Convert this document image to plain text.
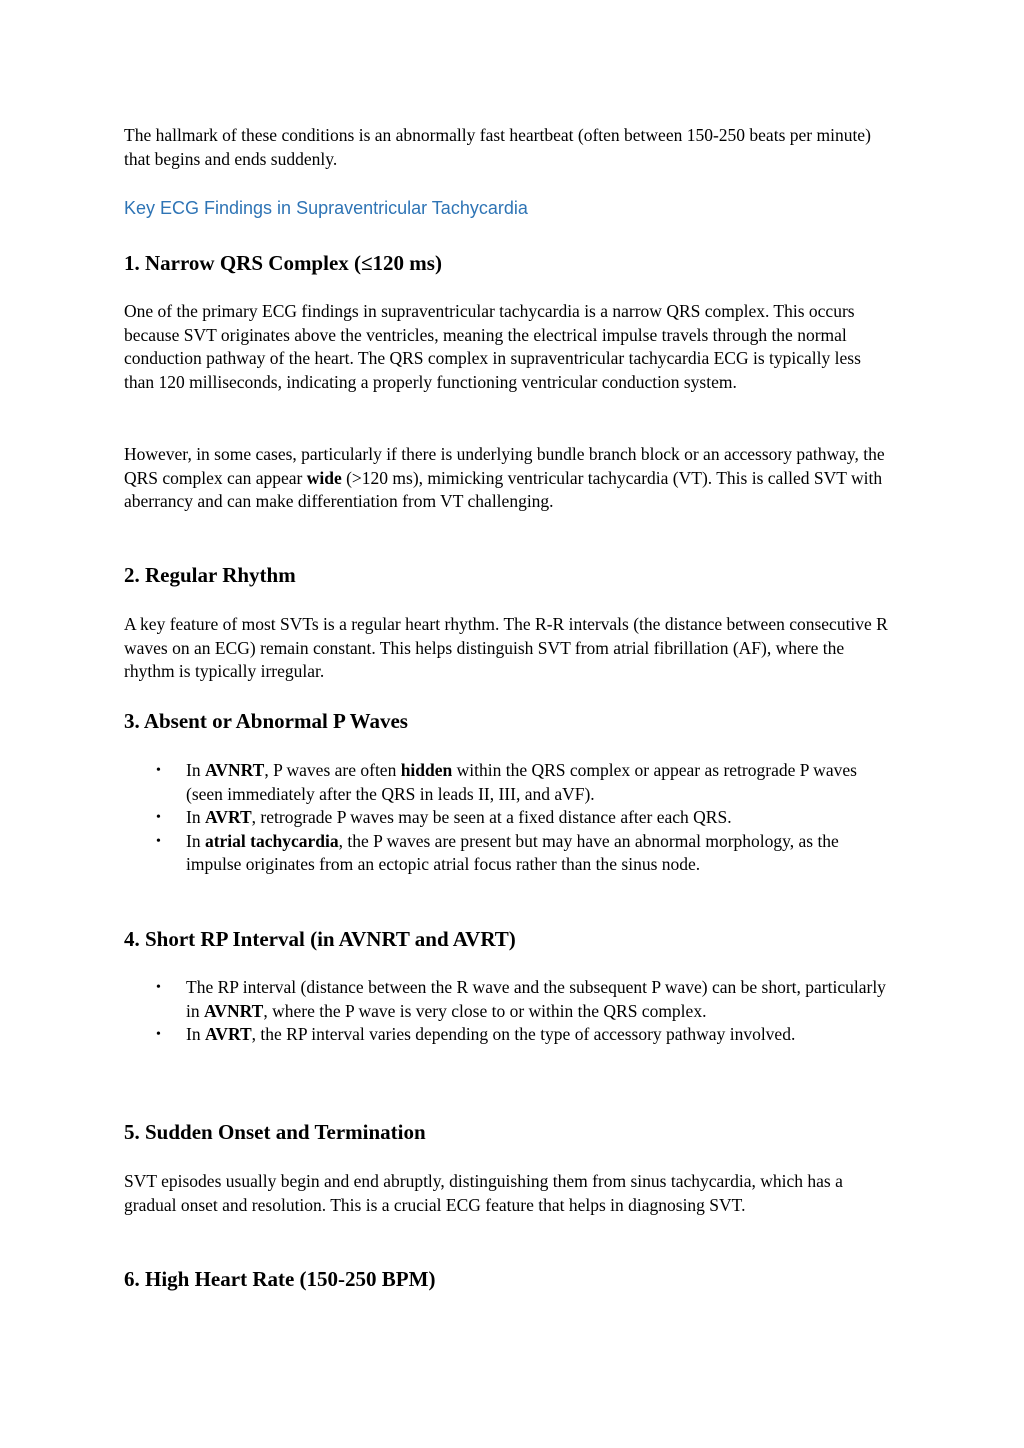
The hallmark of these conditions is an abnormally fast heartbeat (often between 150-250 beats per minute) that begins and ends suddenly.

Key ECG Findings in Supraventricular Tachycardia

1. Narrow QRS Complex (≤120 ms)

One of the primary ECG findings in supraventricular tachycardia is a narrow QRS complex. This occurs because SVT originates above the ventricles, meaning the electrical impulse travels through the normal conduction pathway of the heart. The QRS complex in supraventricular tachycardia ECG is typically less than 120 milliseconds, indicating a properly functioning ventricular conduction system.

However, in some cases, particularly if there is underlying bundle branch block or an accessory pathway, the QRS complex can appear wide (>120 ms), mimicking ventricular tachycardia (VT). This is called SVT with aberrancy and can make differentiation from VT challenging.

2. Regular Rhythm

A key feature of most SVTs is a regular heart rhythm. The R-R intervals (the distance between consecutive R waves on an ECG) remain constant. This helps distinguish SVT from atrial fibrillation (AF), where the rhythm is typically irregular.

3. Absent or Abnormal P Waves
• In AVNRT, P waves are often hidden within the QRS complex or appear as retrograde P waves (seen immediately after the QRS in leads II, III, and aVF).
• In AVRT, retrograde P waves may be seen at a fixed distance after each QRS.
• In atrial tachycardia, the P waves are present but may have an abnormal morphology, as the impulse originates from an ectopic atrial focus rather than the sinus node.
4. Short RP Interval (in AVNRT and AVRT)
• The RP interval (distance between the R wave and the subsequent P wave) can be short, particularly in AVNRT, where the P wave is very close to or within the QRS complex.
• In AVRT, the RP interval varies depending on the type of accessory pathway involved.
5. Sudden Onset and Termination

SVT episodes usually begin and end abruptly, distinguishing them from sinus tachycardia, which has a gradual onset and resolution. This is a crucial ECG feature that helps in diagnosing SVT.

6. High Heart Rate (150-250 BPM)
